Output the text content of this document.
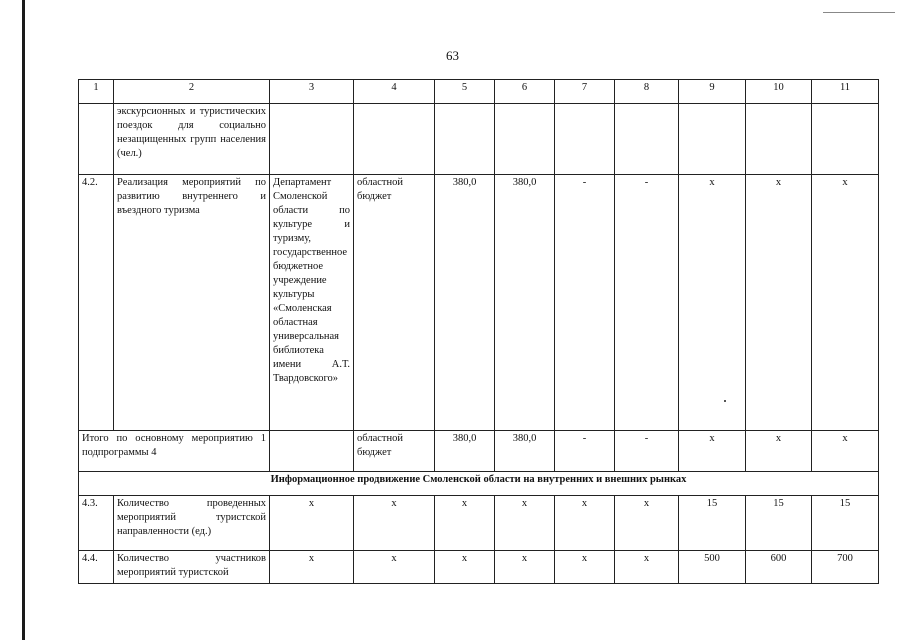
63
1	2	3	4	5	6	7	8	9	10	11
	экскурсионных и туристических поездок для социально незащищенных групп населения (чел.)									
4.2.	Реализация мероприятий по развитию внутреннего и въездного туризма	Департамент Смоленской области по культуре и туризму, государственное бюджетное учреждение культуры «Смоленская областная универсальная библиотека имени А.Т. Твардовского»	областной бюджет	380,0	380,0	-	-	x	x	x
Итого по основному мероприятию 1 подпрограммы 4			областной бюджет	380,0	380,0	-	-	x	x	x
Информационное продвижение Смоленской области на внутренних и внешних рынках										
4.3.	Количество проведенных мероприятий туристской направленности (ед.)	x	x	x	x	x	x	15	15	15
4.4.	Количество участников мероприятий туристской	x	x	x	x	x	x	500	600	700
